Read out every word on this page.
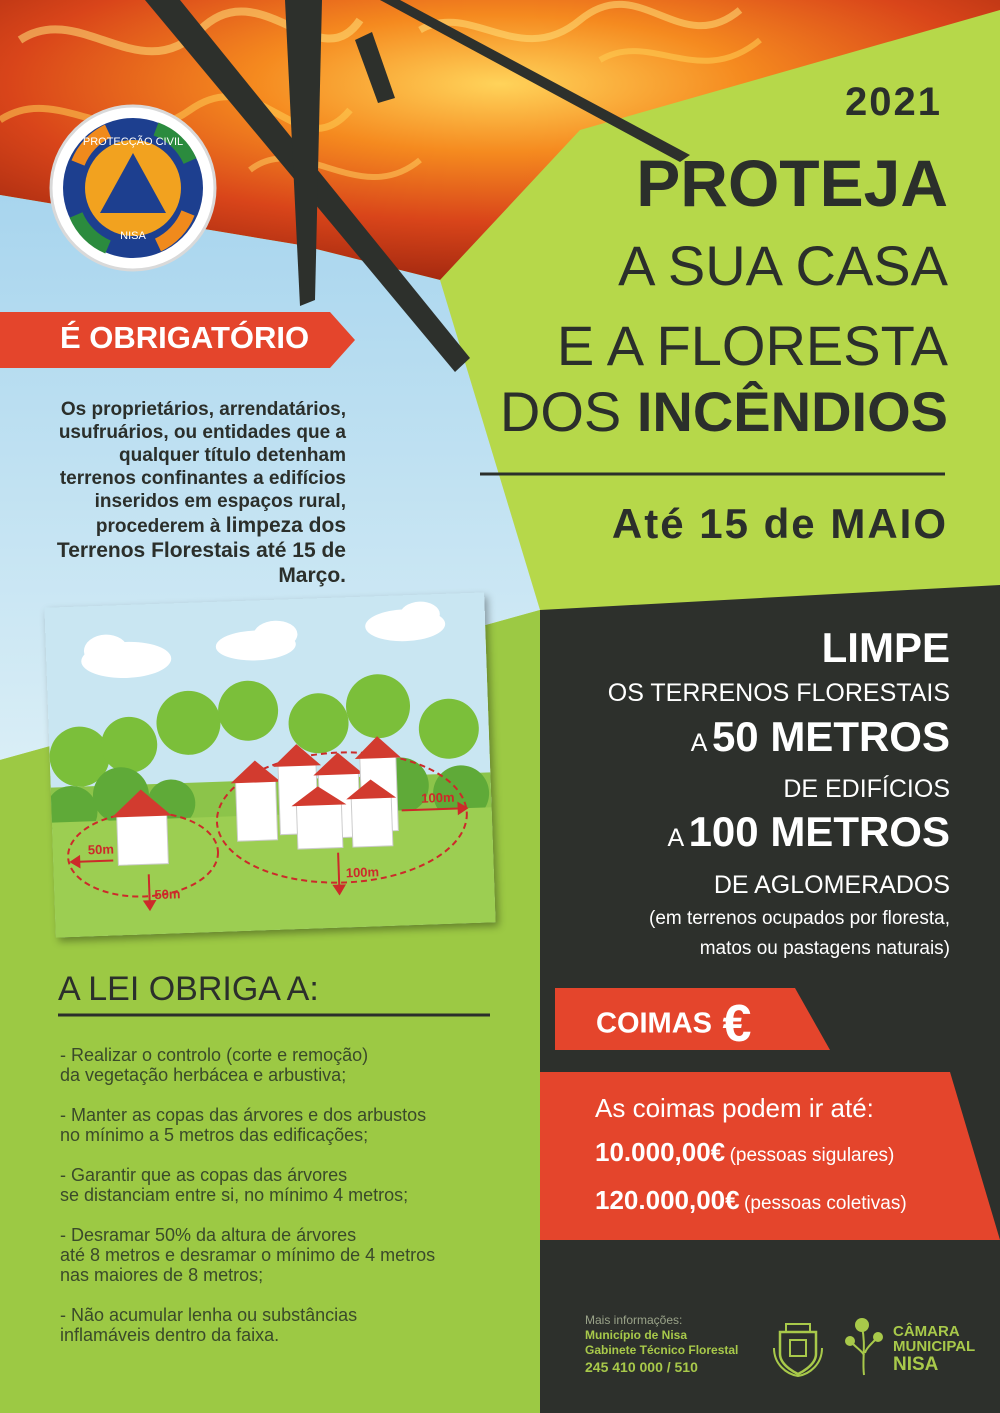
PROTECÇÃO CIVIL
NISA
2021
PROTEJA
A SUA CASA
E A FLORESTA
DOS INCÊNDIOS
Até 15 de MAIO
É OBRIGATÓRIO
Os proprietários, arrendatários, usufruários, ou entidades que a qualquer título detenham terrenos confinantes a edifícios inseridos em espaços rural, procederem à limpeza dos Terrenos Florestais até 15 de Março.
50m
50m
100m
100m
A LEI OBRIGA A:
- Realizar o controlo (corte e remoção)
da vegetação herbácea e arbustiva;
- Manter as copas das árvores e dos arbustos
no mínimo a 5 metros das edificações;
- Garantir que as copas das árvores
se distanciam entre si, no mínimo 4 metros;
- Desramar 50% da altura de árvores
até 8 metros e desramar o mínimo de 4 metros
nas maiores de 8 metros;
- Não acumular lenha ou substâncias
inflamáveis dentro da faixa.
LIMPE
OS TERRENOS FLORESTAIS
A 50 METROS
DE EDIFÍCIOS
A 100 METROS
DE AGLOMERADOS
(em terrenos ocupados por floresta,
matos ou pastagens naturais)
COIMAS €
As coimas podem ir até:
10.000,00€ (pessoas sigulares)
120.000,00€ (pessoas coletivas)
Mais informações:
Município de Nisa
Gabinete Técnico Florestal
245 410 000 / 510
CÂMARA
MUNICIPAL
NISA
